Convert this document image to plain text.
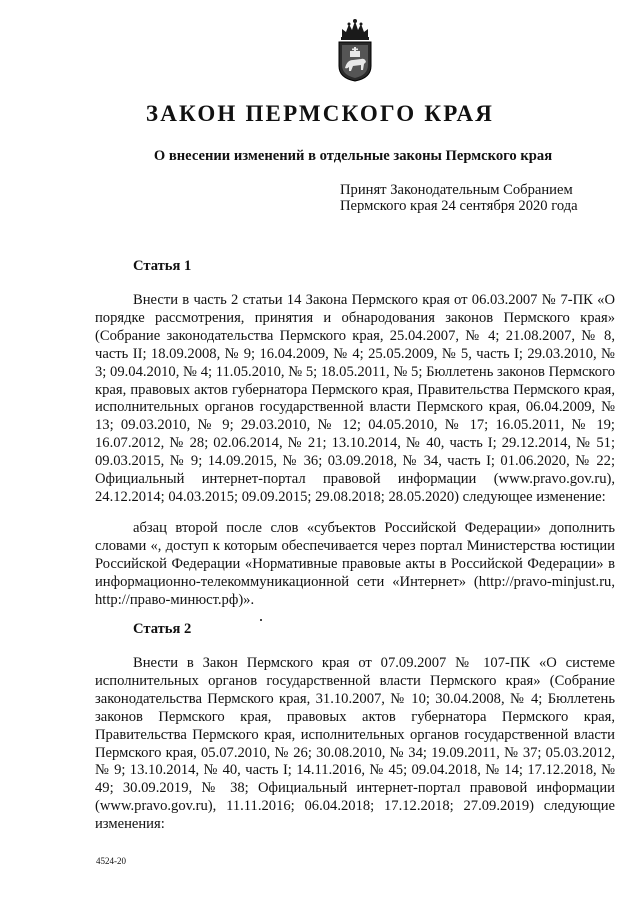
ЗАКОН ПЕРМСКОГО КРАЯ
О внесении изменений в отдельные законы Пермского края
Принят Законодательным Собранием
Пермского края 24 сентября 2020 года

Статья 1

Внести в часть 2 статьи 14 Закона Пермского края от 06.03.2007 № 7-ПК «О порядке рассмотрения, принятия и обнародования законов Пермского края» (Собрание законодательства Пермского края, 25.04.2007, № 4; 21.08.2007, № 8, часть II; 18.09.2008, № 9; 16.04.2009, № 4; 25.05.2009, № 5, часть I; 29.03.2010, № 3; 09.04.2010, № 4; 11.05.2010, № 5; 18.05.2011, № 5; Бюллетень законов Пермского края, правовых актов губернатора Пермского края, Правительства Пермского края, исполнительных органов государственной власти Пермского края, 06.04.2009, № 13; 09.03.2010, № 9; 29.03.2010, № 12; 04.05.2010, № 17; 16.05.2011, № 19; 16.07.2012, № 28; 02.06.2014, № 21; 13.10.2014, № 40, часть I; 29.12.2014, № 51; 09.03.2015, № 9; 14.09.2015, № 36; 03.09.2018, № 34, часть I; 01.06.2020, № 22; Официальный интернет-портал правовой информации (www.pravo.gov.ru), 24.12.2014; 04.03.2015; 09.09.2015; 29.08.2018; 28.05.2020) следующее изменение:

абзац второй после слов «субъектов Российской Федерации» дополнить словами «, доступ к которым обеспечивается через портал Министерства юстиции Российской Федерации «Нормативные правовые акты в Российской Федерации» в информационно-телекоммуникационной сети «Интернет» (http://pravo-minjust.ru, http://право-минюст.рф)».

Статья 2

Внести в Закон Пермского края от 07.09.2007 № 107-ПК «О системе исполнительных органов государственной власти Пермского края» (Собрание законодательства Пермского края, 31.10.2007, № 10; 30.04.2008, № 4; Бюллетень законов Пермского края, правовых актов губернатора Пермского края, Правительства Пермского края, исполнительных органов государственной власти Пермского края, 05.07.2010, № 26; 30.08.2010, № 34; 19.09.2011, № 37; 05.03.2012, № 9; 13.10.2014, № 40, часть I; 14.11.2016, № 45; 09.04.2018, № 14; 17.12.2018, № 49; 30.09.2019, № 38; Официальный интернет-портал правовой информации (www.pravo.gov.ru), 11.11.2016; 06.04.2018; 17.12.2018; 27.09.2019) следующие изменения:

4524-20
